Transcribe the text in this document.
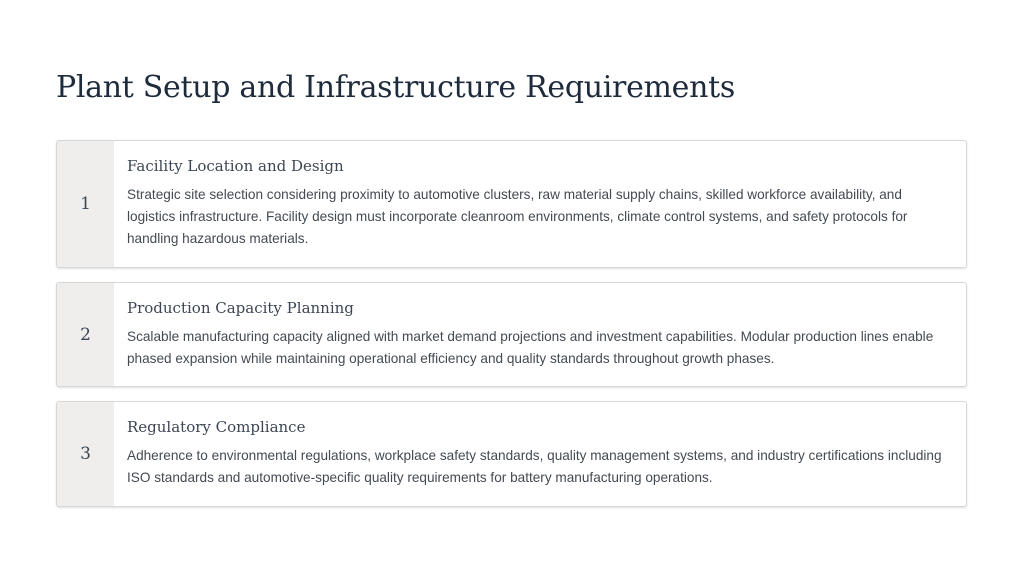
Plant Setup and Infrastructure Requirements
1
Facility Location and Design

Strategic site selection considering proximity to automotive clusters, raw material supply chains, skilled workforce availability, and logistics infrastructure. Facility design must incorporate cleanroom environments, climate control systems, and safety protocols for handling hazardous materials.

2
Production Capacity Planning

Scalable manufacturing capacity aligned with market demand projections and investment capabilities. Modular production lines enable phased expansion while maintaining operational efficiency and quality standards throughout growth phases.

3
Regulatory Compliance

Adherence to environmental regulations, workplace safety standards, quality management systems, and industry certifications including ISO standards and automotive-specific quality requirements for battery manufacturing operations.
